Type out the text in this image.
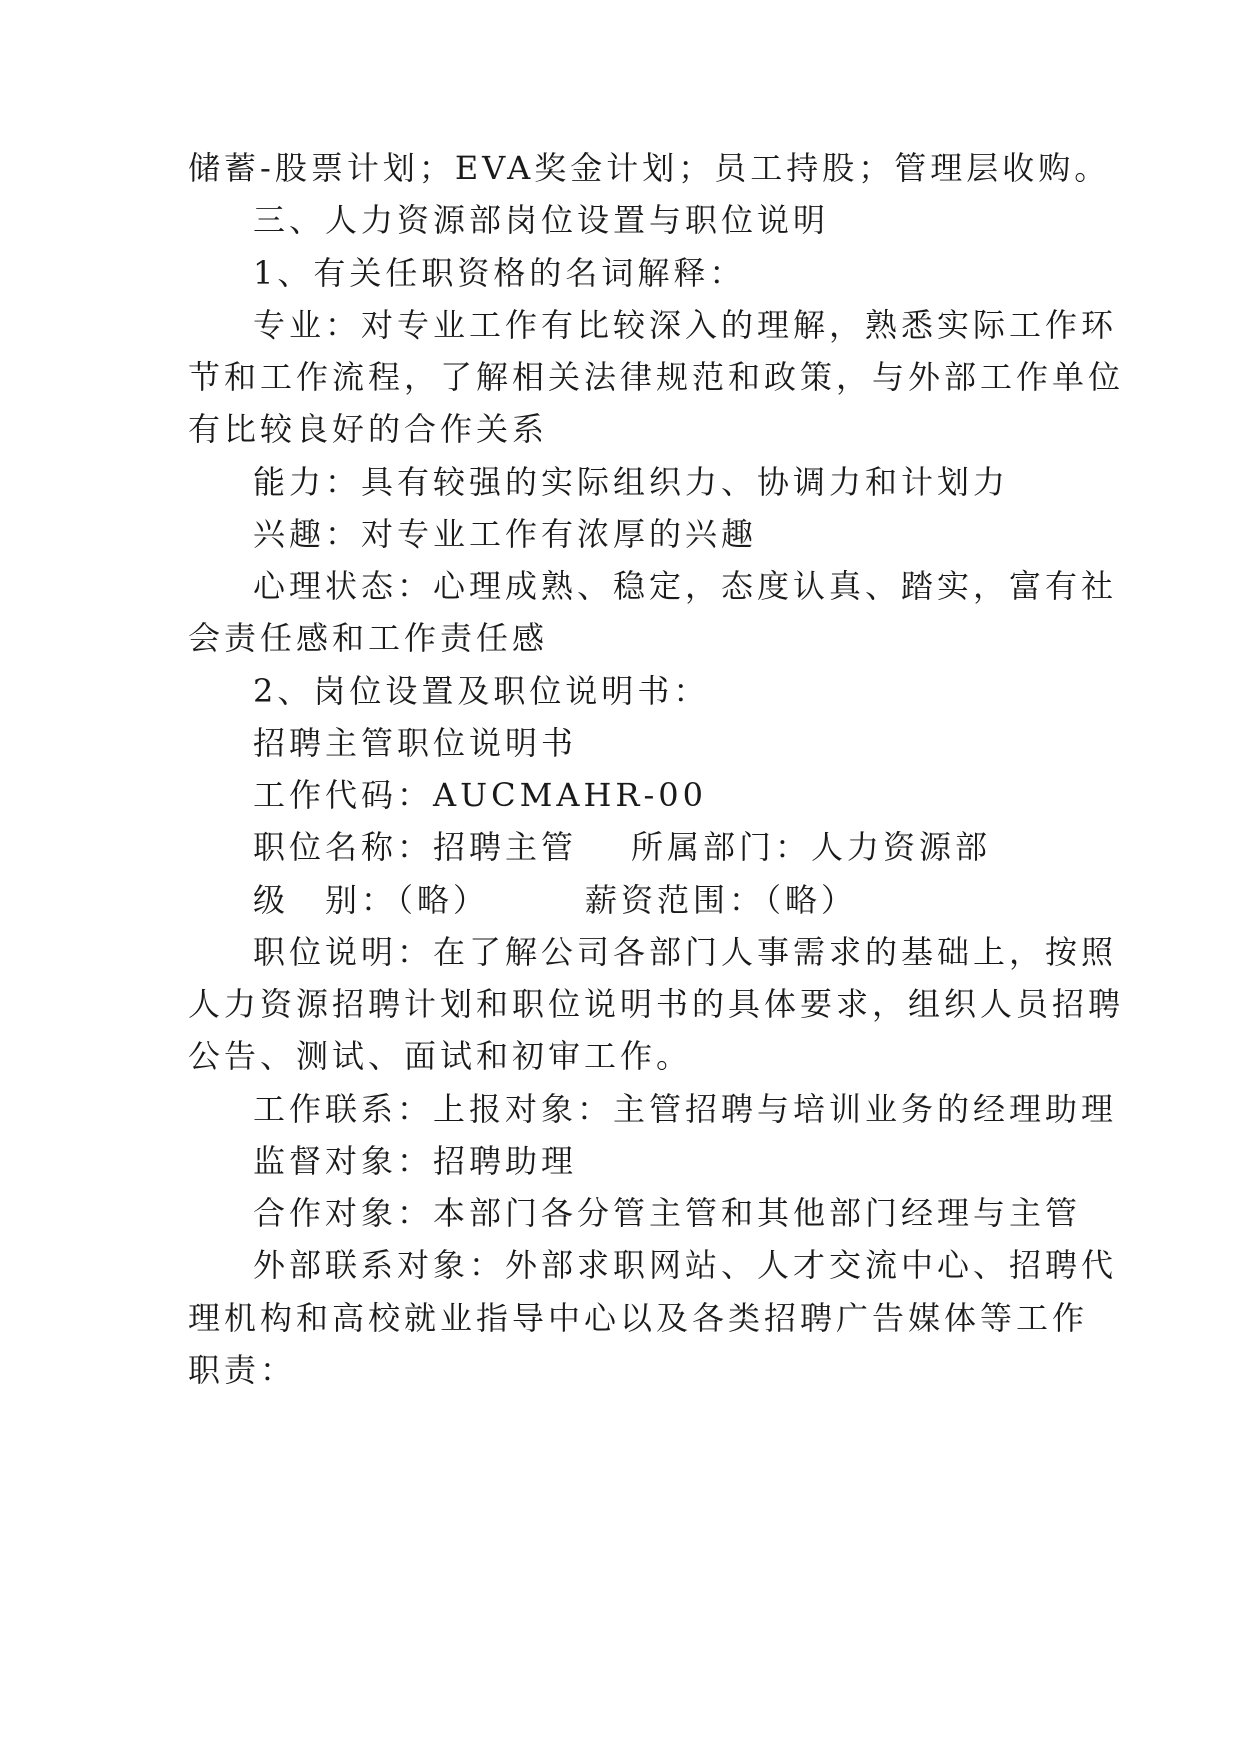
储蓄-股票计划；EVA奖金计划；员工持股；管理层收购。
三、人力资源部岗位设置与职位说明
1、有关任职资格的名词解释：
专业：对专业工作有比较深入的理解，熟悉实际工作环
节和工作流程，了解相关法律规范和政策，与外部工作单位
有比较良好的合作关系
能力：具有较强的实际组织力、协调力和计划力
兴趣：对专业工作有浓厚的兴趣
心理状态：心理成熟、稳定，态度认真、踏实，富有社
会责任感和工作责任感
2、岗位设置及职位说明书：
招聘主管职位说明书
工作代码：AUCMAHR-00
职位名称：招聘主管 所属部门：人力资源部
级　别：（略）	薪资范围：（略）
职位说明：在了解公司各部门人事需求的基础上，按照
人力资源招聘计划和职位说明书的具体要求，组织人员招聘
公告、测试、面试和初审工作。
工作联系：上报对象：主管招聘与培训业务的经理助理
监督对象：招聘助理
合作对象：本部门各分管主管和其他部门经理与主管
外部联系对象：外部求职网站、人才交流中心、招聘代
理机构和高校就业指导中心以及各类招聘广告媒体等工作
职责：
